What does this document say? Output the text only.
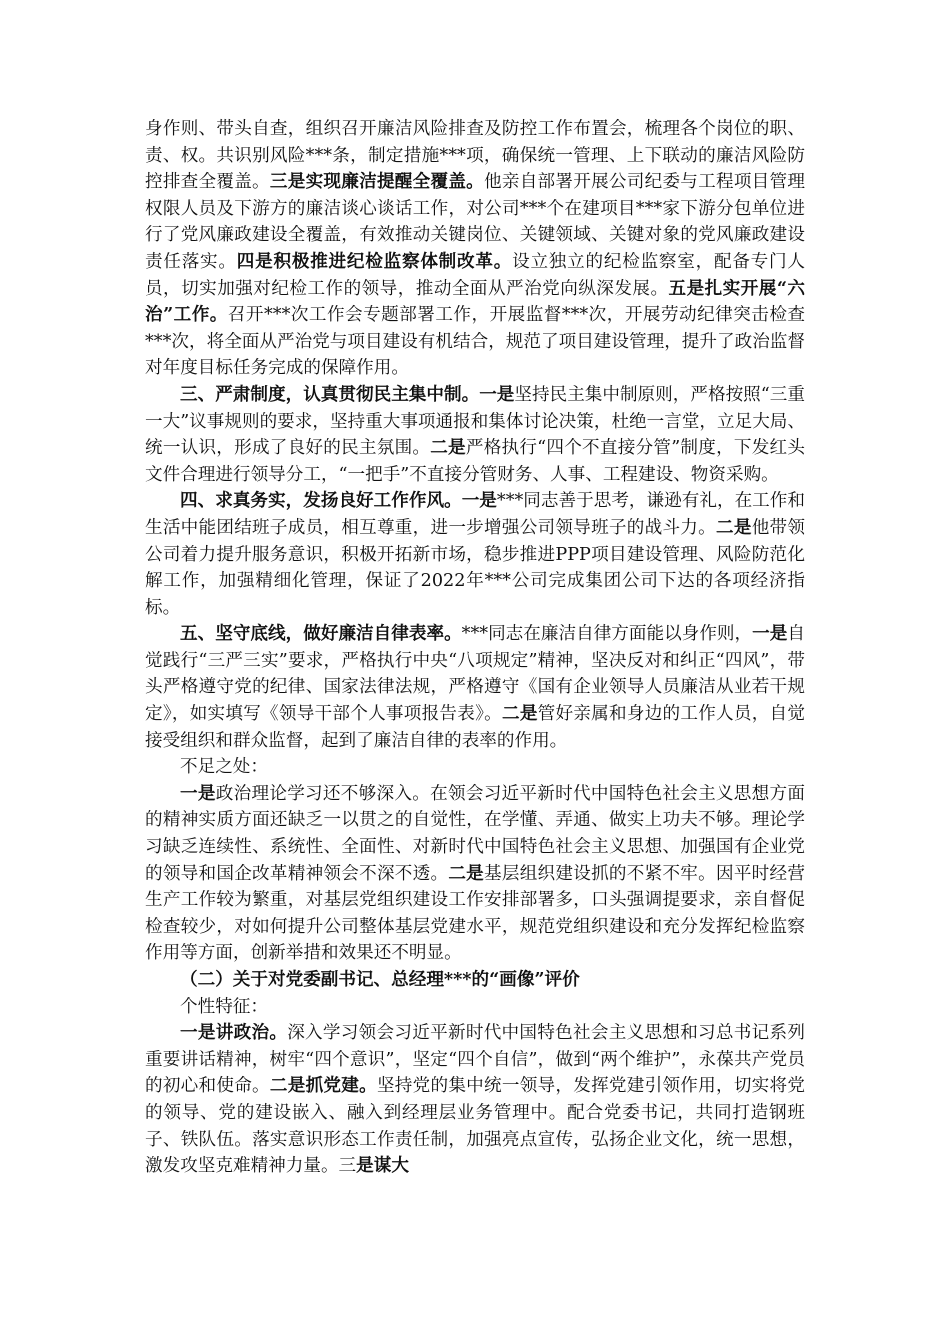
身作则、带头自查，组织召开廉洁风险排查及防控工作布置会，梳理各个岗位的职、责、权。共识别风险***条，制定措施***项，确保统一管理、上下联动的廉洁风险防控排查全覆盖。三是实现廉洁提醒全覆盖。他亲自部署开展公司纪委与工程项目管理权限人员及下游方的廉洁谈心谈话工作，对公司***个在建项目***家下游分包单位进行了党风廉政建设全覆盖，有效推动关键岗位、关键领域、关键对象的党风廉政建设责任落实。四是积极推进纪检监察体制改革。设立独立的纪检监察室，配备专门人员，切实加强对纪检工作的领导，推动全面从严治党向纵深发展。五是扎实开展“六治”工作。召开***次工作会专题部署工作，开展监督***次，开展劳动纪律突击检查***次，将全面从严治党与项目建设有机结合，规范了项目建设管理，提升了政治监督对年度目标任务完成的保障作用。

三、严肃制度，认真贯彻民主集中制。一是坚持民主集中制原则，严格按照“三重一大”议事规则的要求，坚持重大事项通报和集体讨论决策，杜绝一言堂，立足大局、统一认识，形成了良好的民主氛围。二是严格执行“四个不直接分管”制度，下发红头文件合理进行领导分工，“一把手”不直接分管财务、人事、工程建设、物资采购。

四、求真务实，发扬良好工作作风。一是***同志善于思考，谦逊有礼，在工作和生活中能团结班子成员，相互尊重，进一步增强公司领导班子的战斗力。二是他带领公司着力提升服务意识，积极开拓新市场，稳步推进PPP项目建设管理、风险防范化解工作，加强精细化管理，保证了2022年***公司完成集团公司下达的各项经济指标。

五、坚守底线，做好廉洁自律表率。***同志在廉洁自律方面能以身作则，一是自觉践行“三严三实”要求，严格执行中央“八项规定”精神，坚决反对和纠正“四风”，带头严格遵守党的纪律、国家法律法规，严格遵守《国有企业领导人员廉洁从业若干规定》，如实填写《领导干部个人事项报告表》。二是管好亲属和身边的工作人员，自觉接受组织和群众监督，起到了廉洁自律的表率的作用。

不足之处：

一是政治理论学习还不够深入。在领会习近平新时代中国特色社会主义思想方面的精神实质方面还缺乏一以贯之的自觉性，在学懂、弄通、做实上功夫不够。理论学习缺乏连续性、系统性、全面性、对新时代中国特色社会主义思想、加强国有企业党的领导和国企改革精神领会不深不透。二是基层组织建设抓的不紧不牢。因平时经营生产工作较为繁重，对基层党组织建设工作安排部署多，口头强调提要求，亲自督促检查较少，对如何提升公司整体基层党建水平，规范党组织建设和充分发挥纪检监察作用等方面，创新举措和效果还不明显。

（二）关于对党委副书记、总经理***的“画像”评价

个性特征：

一是讲政治。深入学习领会习近平新时代中国特色社会主义思想和习总书记系列重要讲话精神，树牢“四个意识”，坚定“四个自信”，做到“两个维护”，永葆共产党员的初心和使命。二是抓党建。坚持党的集中统一领导，发挥党建引领作用，切实将党的领导、党的建设嵌入、融入到经理层业务管理中。配合党委书记，共同打造钢班子、铁队伍。落实意识形态工作责任制，加强亮点宣传，弘扬企业文化，统一思想，激发攻坚克难精神力量。三是谋大
